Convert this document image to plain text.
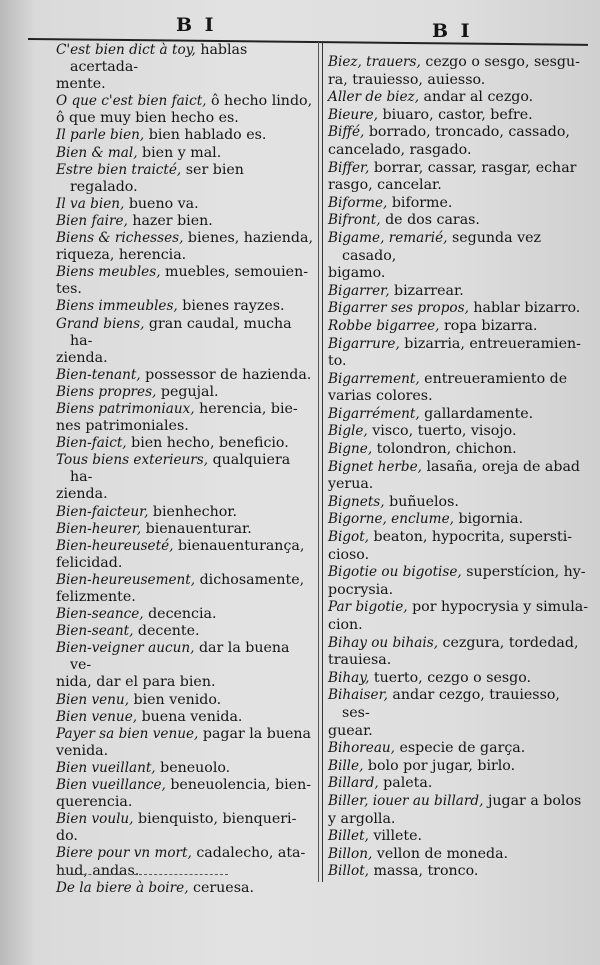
B I	B I

C'est bien dict à toy, hablas acertada-

mente.

O que c'est bien faict, ô hecho lindo,

ô que muy bien hecho es.

Il parle bien, bien hablado es.

Bien & mal, bien y mal.

Estre bien traicté, ser bien regalado.

Il va bien, bueno va.

Bien faire, hazer bien.

Biens & richesses, bienes, hazienda,

riqueza, herencia.

Biens meubles, muebles, semouien-

tes.

Biens immeubles, bienes rayzes.

Grand biens, gran caudal, mucha ha-

zienda.

Bien-tenant, possessor de hazienda.

Biens propres, pegujal.

Biens patrimoniaux, herencia, bie-

nes patrimoniales.

Bien-faict, bien hecho, beneficio.

Tous biens exterieurs, qualquiera ha-

zienda.

Bien-faicteur, bienhechor.

Bien-heurer, bienauenturar.

Bien-heureuseté, bienauenturança,

felicidad.

Bien-heureusement, dichosamente,

felizmente.

Bien-seance, decencia.

Bien-seant, decente.

Bien-veigner aucun, dar la buena ve-

nida, dar el para bien.

Bien venu, bien venido.

Bien venue, buena venida.

Payer sa bien venue, pagar la buena

venida.

Bien vueillant, beneuolo.

Bien vueillance, beneuolencia, bien-

querencia.

Bien voulu, bienquisto, bienqueri-

do.

Biere pour vn mort, cadalecho, ata-

hud, andas.

De la biere à boire, ceruesa.

Biez, trauers, cezgo o sesgo, sesgu-

ra, trauiesso, auiesso.

Aller de biez, andar al cezgo.

Bieure, biuaro, castor, befre.

Biffé, borrado, troncado, cassado,

cancelado, rasgado.

Biffer, borrar, cassar, rasgar, echar

rasgo, cancelar.

Biforme, biforme.

Bifront, de dos caras.

Bigame, remarié, segunda vez casado,

bigamo.

Bigarrer, bizarrear.

Bigarrer ses propos, hablar bizarro.

Robbe bigarree, ropa bizarra.

Bigarrure, bizarria, entreueramien-

to.

Bigarrement, entreueramiento de

varias colores.

Bigarrément, gallardamente.

Bigle, visco, tuerto, visojo.

Bigne, tolondron, chichon.

Bignet herbe, lasaña, oreja de abad

yerua.

Bignets, buñuelos.

Bigorne, enclume, bigornia.

Bigot, beaton, hypocrita, supersti-

cioso.

Bigotie ou bigotise, superstícion, hy-

pocrysia.

Par bigotie, por hypocrysia y simula-

cion.

Bihay ou bihais, cezgura, tordedad,

trauiesa.

Bihay, tuerto, cezgo o sesgo.

Bihaiser, andar cezgo, trauiesso, ses-

guear.

Bihoreau, especie de garça.

Bille, bolo por jugar, birlo.

Billard, paleta.

Biller, iouer au billard, jugar a bolos

y argolla.

Billet, villete.

Billon, vellon de moneda.

Billot, massa, tronco.
